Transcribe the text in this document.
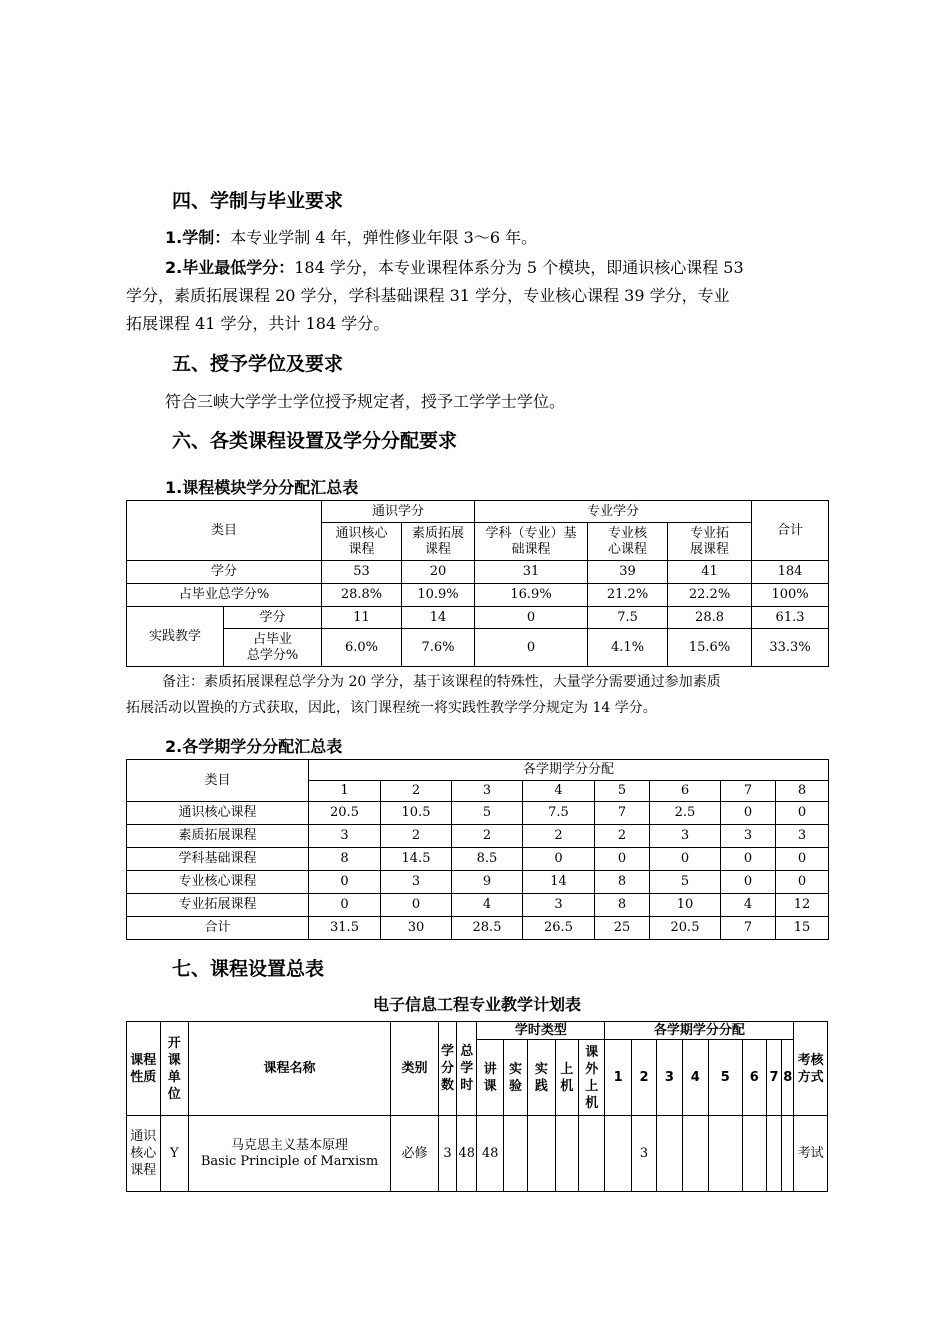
四、学制与毕业要求
1.学制：本专业学制 4 年，弹性修业年限 3～6 年。
2.毕业最低学分：184 学分，本专业课程体系分为 5 个模块，即通识核心课程 53
学分，素质拓展课程 20 学分，学科基础课程 31 学分，专业核心课程 39 学分，专业
拓展课程 41 学分，共计 184 学分。
五、授予学位及要求
符合三峡大学学士学位授予规定者，授予工学学士学位。
六、各类课程设置及学分分配要求
1.课程模块学分分配汇总表
类目		通识学分		专业学分			合计

		通识核心课程	素质拓展课程	学科（专业）基础课程	专业核心课程	专业拓展课程	

学分		53	20	31	39	41	184
占毕业总学分%		28.8%	10.9%	16.9%	21.2%	22.2%	100%
实践教学	学分	11	14	0	7.5	28.8	61.3

	占毕业
总学分%	6.0%	7.6%	0	4.1%	15.6%	33.3%
备注：素质拓展课程总学分为 20 学分，基于该课程的特殊性，大量学分需要通过参加素质
拓展活动以置换的方式获取，因此，该门课程统一将实践性教学学分规定为 14 学分。
2.各学期学分分配汇总表
类目	各学期学分分配							
	1	2	3	4	5	6	7	8
通识核心课程	20.5	10.5	5	7.5	7	2.5	0	0
素质拓展课程	3	2	2	2	2	3	3	3
学科基础课程	8	14.5	8.5	0	0	0	0	0
专业核心课程	0	3	9	14	8	5	0	0
专业拓展课程	0	0	4	3	8	10	4	12
合计	31.5	30	28.5	26.5	25	20.5	7	15
七、课程设置总表
电子信息工程专业教学计划表
课程性质	开课单位	课程名称	类别	学分数	总学时	学时类型					各学期学分分配								考核方式

						讲课	实验	实践	上机	课外上机	1	2	3	4	5	6	7	8	

通识核心课程	Y	马克思主义基本原理
Basic Principle of Marxism	必修	3	48	48						3							考试
